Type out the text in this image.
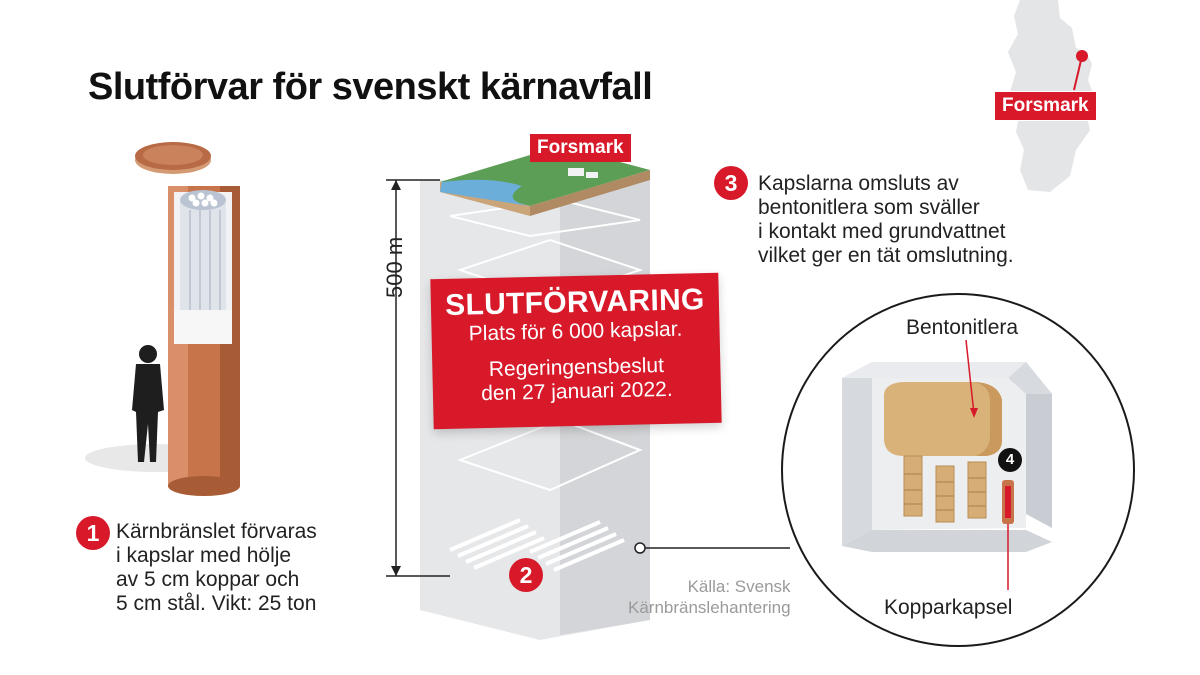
Slutförvar för svenskt kärnavfall	Forsmark
1 Kärnbränslet förvaras
i kapslar med hölje
av 5 cm koppar och
5 cm stål. Vikt: 25 ton
Forsmark
500 m
SLUTFÖRVARING
Plats för 6 000 kapslar.
Regeringensbeslut
den 27 januari 2022.
2	Källa: Svensk
Kärnbränslehantering
3 Kapslarna omsluts av
bentonitlera som sväller
i kontakt med grundvattnet
vilket ger en tät omslutning.
Bentonitlera
Kopparkapsel
4
